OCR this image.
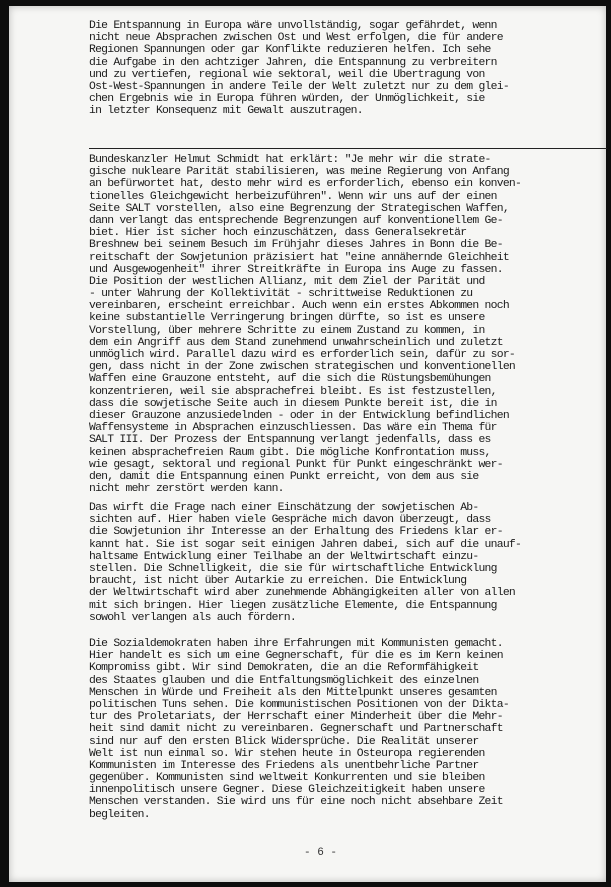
Die Entspannung in Europa wäre unvollständig, sogar gefährdet, wenn
nicht neue Absprachen zwischen Ost und West erfolgen, die für andere
Regionen Spannungen oder gar Konflikte reduzieren helfen. Ich sehe
die Aufgabe in den achtziger Jahren, die Entspannung zu verbreitern
und zu vertiefen, regional wie sektoral, weil die Übertragung von
Ost-West-Spannungen in andere Teile der Welt zuletzt nur zu dem glei-
chen Ergebnis wie in Europa führen würden, der Unmöglichkeit, sie
in letzter Konsequenz mit Gewalt auszutragen.
Bundeskanzler Helmut Schmidt hat erklärt: "Je mehr wir die strate-
gische nukleare Parität stabilisieren, was meine Regierung von Anfang
an befürwortet hat, desto mehr wird es erforderlich, ebenso ein konven-
tionelles Gleichgewicht herbeizuführen". Wenn wir uns auf der einen
Seite SALT vorstellen, also eine Begrenzung der Strategischen Waffen,
dann verlangt das entsprechende Begrenzungen auf konventionellem Ge-
biet. Hier ist sicher hoch einzuschätzen, dass Generalsekretär
Breshnew bei seinem Besuch im Frühjahr dieses Jahres in Bonn die Be-
reitschaft der Sowjetunion präzisiert hat "eine annähernde Gleichheit
und Ausgewogenheit" ihrer Streitkräfte in Europa ins Auge zu fassen.
Die Position der westlichen Allianz, mit dem Ziel der Parität und
- unter Wahrung der Kollektivität - schrittweise Reduktionen zu
vereinbaren, erscheint erreichbar. Auch wenn ein erstes Abkommen noch
keine substantielle Verringerung bringen dürfte, so ist es unsere
Vorstellung, über mehrere Schritte zu einem Zustand zu kommen, in
dem ein Angriff aus dem Stand zunehmend unwahrscheinlich und zuletzt
unmöglich wird. Parallel dazu wird es erforderlich sein, dafür zu sor-
gen, dass nicht in der Zone zwischen strategischen und konventionellen
Waffen eine Grauzone entsteht, auf die sich die Rüstungsbemühungen
konzentrieren, weil sie absprachefrei bleibt. Es ist festzustellen,
dass die sowjetische Seite auch in diesem Punkte bereit ist, die in
dieser Grauzone anzusiedelnden - oder in der Entwicklung befindlichen
Waffensysteme in Absprachen einzuschliessen. Das wäre ein Thema für
SALT III. Der Prozess der Entspannung verlangt jedenfalls, dass es
keinen absprachefreien Raum gibt. Die mögliche Konfrontation muss,
wie gesagt, sektoral und regional Punkt für Punkt eingeschränkt wer-
den, damit die Entspannung einen Punkt erreicht, von dem aus sie
nicht mehr zerstört werden kann.
Das wirft die Frage nach einer Einschätzung der sowjetischen Ab-
sichten auf. Hier haben viele Gespräche mich davon überzeugt, dass
die Sowjetunion ihr Interesse an der Erhaltung des Friedens klar er-
kannt hat. Sie ist sogar seit einigen Jahren dabei, sich auf die unauf-
haltsame Entwicklung einer Teilhabe an der Weltwirtschaft einzu-
stellen. Die Schnelligkeit, die sie für wirtschaftliche Entwicklung
braucht, ist nicht über Autarkie zu erreichen. Die Entwicklung
der Weltwirtschaft wird aber zunehmende Abhängigkeiten aller von allen
mit sich bringen. Hier liegen zusätzliche Elemente, die Entspannung
sowohl verlangen als auch fördern.
Die Sozialdemokraten haben ihre Erfahrungen mit Kommunisten gemacht.
Hier handelt es sich um eine Gegnerschaft, für die es im Kern keinen
Kompromiss gibt. Wir sind Demokraten, die an die Reformfähigkeit
des Staates glauben und die Entfaltungsmöglichkeit des einzelnen
Menschen in Würde und Freiheit als den Mittelpunkt unseres gesamten
politischen Tuns sehen. Die kommunistischen Positionen von der Dikta-
tur des Proletariats, der Herrschaft einer Minderheit über die Mehr-
heit sind damit nicht zu vereinbaren. Gegnerschaft und Partnerschaft
sind nur auf den ersten Blick Widersprüche. Die Realität unserer
Welt ist nun einmal so. Wir stehen heute in Osteuropa regierenden
Kommunisten im Interesse des Friedens als unentbehrliche Partner
gegenüber. Kommunisten sind weltweit Konkurrenten und sie bleiben
innenpolitisch unsere Gegner. Diese Gleichzeitigkeit haben unsere
Menschen verstanden. Sie wird uns für eine noch nicht absehbare Zeit
begleiten.
- 6 -
